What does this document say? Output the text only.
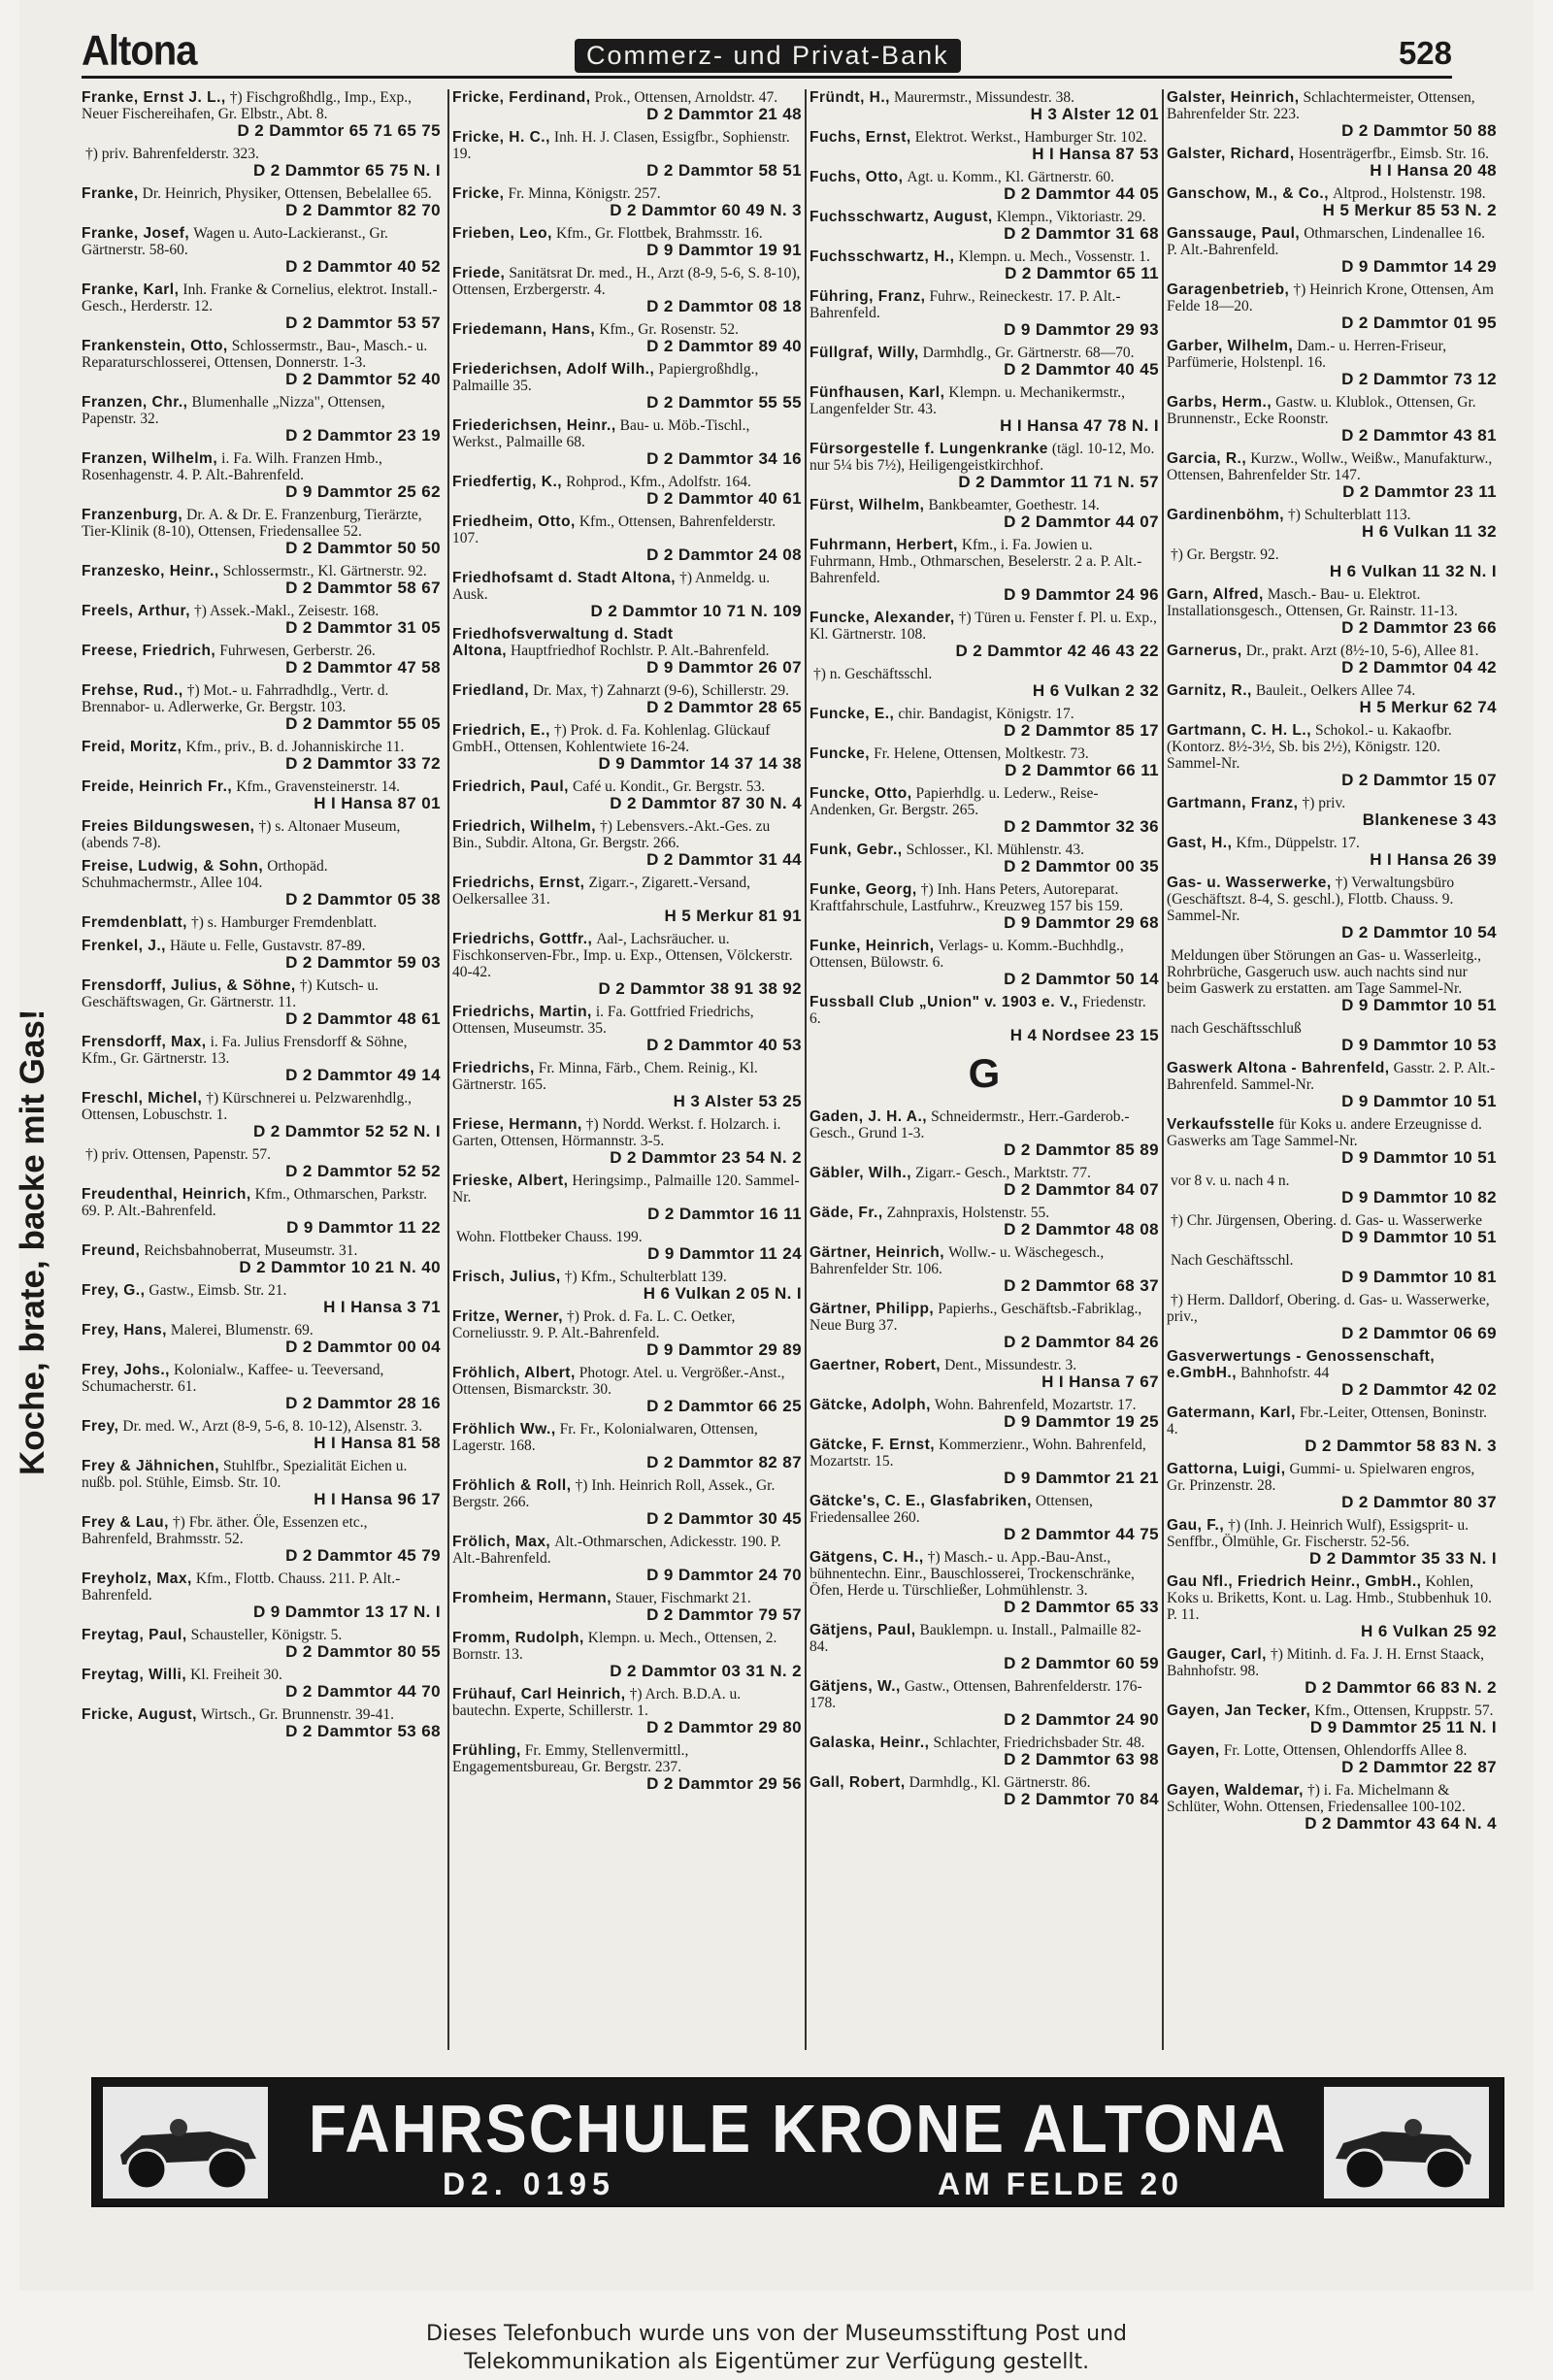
Altona	Commerz- und Privat-Bank	528
Koche, brate, backe mit Gas!
Franke, Ernst J. L., †) Fischgroßhdlg., Imp., Exp., Neuer Fischereihafen, Gr. Elbstr., Abt. 8.
D 2 Dammtor 65 71 65 75
†) priv. Bahrenfelderstr. 323.
D 2 Dammtor 65 75 N. I
Franke, Dr. Heinrich, Physiker, Ottensen, Bebelallee 65.
D 2 Dammtor 82 70
Franke, Josef, Wagen u. Auto-Lackieranst., Gr. Gärtnerstr. 58-60.
D 2 Dammtor 40 52
Franke, Karl, Inh. Franke & Cornelius, elektrot. Install.-Gesch., Herderstr. 12.
D 2 Dammtor 53 57
Frankenstein, Otto, Schlossermstr., Bau-, Masch.- u. Reparaturschlosserei, Ottensen, Donnerstr. 1-3.
D 2 Dammtor 52 40
Franzen, Chr., Blumenhalle „Nizza", Ottensen, Papenstr. 32.
D 2 Dammtor 23 19
Franzen, Wilhelm, i. Fa. Wilh. Franzen Hmb., Rosenhagenstr. 4. P. Alt.-Bahrenfeld.
D 9 Dammtor 25 62
Franzenburg, Dr. A. & Dr. E. Franzenburg, Tierärzte, Tier-Klinik (8-10), Ottensen, Friedensallee 52.
D 2 Dammtor 50 50
Franzesko, Heinr., Schlossermstr., Kl. Gärtnerstr. 92.
D 2 Dammtor 58 67
Freels, Arthur, †) Assek.-Makl., Zeisestr. 168.
D 2 Dammtor 31 05
Freese, Friedrich, Fuhrwesen, Gerberstr. 26.
D 2 Dammtor 47 58
Frehse, Rud., †) Mot.- u. Fahrradhdlg., Vertr. d. Brennabor- u. Adlerwerke, Gr. Bergstr. 103.
D 2 Dammtor 55 05
Freid, Moritz, Kfm., priv., B. d. Johanniskirche 11.
D 2 Dammtor 33 72
Freide, Heinrich Fr., Kfm., Gravensteinerstr. 14.
H I Hansa 87 01
Freies Bildungswesen, †) s. Altonaer Museum, (abends 7-8).
Freise, Ludwig, & Sohn, Orthopäd. Schuhmachermstr., Allee 104.
D 2 Dammtor 05 38
Fremdenblatt, †) s. Hamburger Fremdenblatt.
Frenkel, J., Häute u. Felle, Gustavstr. 87-89.
D 2 Dammtor 59 03
Frensdorff, Julius, & Söhne, †) Kutsch- u. Geschäftswagen, Gr. Gärtnerstr. 11.
D 2 Dammtor 48 61
Frensdorff, Max, i. Fa. Julius Frensdorff & Söhne, Kfm., Gr. Gärtnerstr. 13.
D 2 Dammtor 49 14
Freschl, Michel, †) Kürschnerei u. Pelzwarenhdlg., Ottensen, Lobuschstr. 1.
D 2 Dammtor 52 52 N. I
†) priv. Ottensen, Papenstr. 57.
D 2 Dammtor 52 52
Freudenthal, Heinrich, Kfm., Othmarschen, Parkstr. 69. P. Alt.-Bahrenfeld.
D 9 Dammtor 11 22
Freund, Reichsbahnoberrat, Museumstr. 31.
D 2 Dammtor 10 21 N. 40
Frey, G., Gastw., Eimsb. Str. 21.
H I Hansa 3 71
Frey, Hans, Malerei, Blumenstr. 69.
D 2 Dammtor 00 04
Frey, Johs., Kolonialw., Kaffee- u. Teeversand, Schumacherstr. 61.
D 2 Dammtor 28 16
Frey, Dr. med. W., Arzt (8-9, 5-6, 8. 10-12), Alsenstr. 3.
H I Hansa 81 58
Frey & Jähnichen, Stuhlfbr., Spezialität Eichen u. nußb. pol. Stühle, Eimsb. Str. 10.
H I Hansa 96 17
Frey & Lau, †) Fbr. äther. Öle, Essenzen etc., Bahrenfeld, Brahmsstr. 52.
D 2 Dammtor 45 79
Freyholz, Max, Kfm., Flottb. Chauss. 211. P. Alt.-Bahrenfeld.
D 9 Dammtor 13 17 N. I
Freytag, Paul, Schausteller, Königstr. 5.
D 2 Dammtor 80 55
Freytag, Willi, Kl. Freiheit 30.
D 2 Dammtor 44 70
Fricke, August, Wirtsch., Gr. Brunnenstr. 39-41.
D 2 Dammtor 53 68
Fricke, Ferdinand, Prok., Ottensen, Arnoldstr. 47.
D 2 Dammtor 21 48
Fricke, H. C., Inh. H. J. Clasen, Essigfbr., Sophienstr. 19.
D 2 Dammtor 58 51
Fricke, Fr. Minna, Königstr. 257.
D 2 Dammtor 60 49 N. 3
Frieben, Leo, Kfm., Gr. Flottbek, Brahmsstr. 16.
D 9 Dammtor 19 91
Friede, Sanitätsrat Dr. med., H., Arzt (8-9, 5-6, S. 8-10), Ottensen, Erzbergerstr. 4.
D 2 Dammtor 08 18
Friedemann, Hans, Kfm., Gr. Rosenstr. 52.
D 2 Dammtor 89 40
Friederichsen, Adolf Wilh., Papiergroßhdlg., Palmaille 35.
D 2 Dammtor 55 55
Friederichsen, Heinr., Bau- u. Möb.-Tischl., Werkst., Palmaille 68.
D 2 Dammtor 34 16
Friedfertig, K., Rohprod., Kfm., Adolfstr. 164.
D 2 Dammtor 40 61
Friedheim, Otto, Kfm., Ottensen, Bahrenfelderstr. 107.
D 2 Dammtor 24 08
Friedhofsamt d. Stadt Altona, †) Anmeldg. u. Ausk.
D 2 Dammtor 10 71 N. 109
Friedhofsverwaltung d. Stadt Altona, Hauptfriedhof Rochlstr. P. Alt.-Bahrenfeld.
D 9 Dammtor 26 07
Friedland, Dr. Max, †) Zahnarzt (9-6), Schillerstr. 29.
D 2 Dammtor 28 65
Friedrich, E., †) Prok. d. Fa. Kohlenlag. Glückauf GmbH., Ottensen, Kohlentwiete 16-24.
D 9 Dammtor 14 37 14 38
Friedrich, Paul, Café u. Kondit., Gr. Bergstr. 53.
D 2 Dammtor 87 30 N. 4
Friedrich, Wilhelm, †) Lebensvers.-Akt.-Ges. zu Bin., Subdir. Altona, Gr. Bergstr. 266.
D 2 Dammtor 31 44
Friedrichs, Ernst, Zigarr.-, Zigarett.-Versand, Oelkersallee 31.
H 5 Merkur 81 91
Friedrichs, Gottfr., Aal-, Lachsräucher. u. Fischkonserven-Fbr., Imp. u. Exp., Ottensen, Völckerstr. 40-42.
D 2 Dammtor 38 91 38 92
Friedrichs, Martin, i. Fa. Gottfried Friedrichs, Ottensen, Museumstr. 35.
D 2 Dammtor 40 53
Friedrichs, Fr. Minna, Färb., Chem. Reinig., Kl. Gärtnerstr. 165.
H 3 Alster 53 25
Friese, Hermann, †) Nordd. Werkst. f. Holzarch. i. Garten, Ottensen, Hörmannstr. 3-5.
D 2 Dammtor 23 54 N. 2
Frieske, Albert, Heringsimp., Palmaille 120. Sammel-Nr.
D 2 Dammtor 16 11
Wohn. Flottbeker Chauss. 199.
D 9 Dammtor 11 24
Frisch, Julius, †) Kfm., Schulterblatt 139.
H 6 Vulkan 2 05 N. I
Fritze, Werner, †) Prok. d. Fa. L. C. Oetker, Corneliusstr. 9. P. Alt.-Bahrenfeld.
D 9 Dammtor 29 89
Fröhlich, Albert, Photogr. Atel. u. Vergrößer.-Anst., Ottensen, Bismarckstr. 30.
D 2 Dammtor 66 25
Fröhlich Ww., Fr. Fr., Kolonialwaren, Ottensen, Lagerstr. 168.
D 2 Dammtor 82 87
Fröhlich & Roll, †) Inh. Heinrich Roll, Assek., Gr. Bergstr. 266.
D 2 Dammtor 30 45
Frölich, Max, Alt.-Othmarschen, Adickesstr. 190. P. Alt.-Bahrenfeld.
D 9 Dammtor 24 70
Fromheim, Hermann, Stauer, Fischmarkt 21.
D 2 Dammtor 79 57
Fromm, Rudolph, Klempn. u. Mech., Ottensen, 2. Bornstr. 13.
D 2 Dammtor 03 31 N. 2
Frühauf, Carl Heinrich, †) Arch. B.D.A. u. bautechn. Experte, Schillerstr. 1.
D 2 Dammtor 29 80
Frühling, Fr. Emmy, Stellenvermittl., Engagementsbureau, Gr. Bergstr. 237.
D 2 Dammtor 29 56
Fründt, H., Maurermstr., Missundestr. 38.
H 3 Alster 12 01
Fuchs, Ernst, Elektrot. Werkst., Hamburger Str. 102.
H I Hansa 87 53
Fuchs, Otto, Agt. u. Komm., Kl. Gärtnerstr. 60.
D 2 Dammtor 44 05
Fuchsschwartz, August, Klempn., Viktoriastr. 29.
D 2 Dammtor 31 68
Fuchsschwartz, H., Klempn. u. Mech., Vossenstr. 1.
D 2 Dammtor 65 11
Führing, Franz, Fuhrw., Reineckestr. 17. P. Alt.-Bahrenfeld.
D 9 Dammtor 29 93
Füllgraf, Willy, Darmhdlg., Gr. Gärtnerstr. 68—70.
D 2 Dammtor 40 45
Fünfhausen, Karl, Klempn. u. Mechanikermstr., Langenfelder Str. 43.
H I Hansa 47 78 N. I
Fürsorgestelle f. Lungenkranke (tägl. 10-12, Mo. nur 5¼ bis 7½), Heiligengeistkirchhof.
D 2 Dammtor 11 71 N. 57
Fürst, Wilhelm, Bankbeamter, Goethestr. 14.
D 2 Dammtor 44 07
Fuhrmann, Herbert, Kfm., i. Fa. Jowien u. Fuhrmann, Hmb., Othmarschen, Beselerstr. 2 a. P. Alt.-Bahrenfeld.
D 9 Dammtor 24 96
Funcke, Alexander, †) Türen u. Fenster f. Pl. u. Exp., Kl. Gärtnerstr. 108.
D 2 Dammtor 42 46 43 22
†) n. Geschäftsschl.
H 6 Vulkan 2 32
Funcke, E., chir. Bandagist, Königstr. 17.
D 2 Dammtor 85 17
Funcke, Fr. Helene, Ottensen, Moltkestr. 73.
D 2 Dammtor 66 11
Funcke, Otto, Papierhdlg. u. Lederw., Reise-Andenken, Gr. Bergstr. 265.
D 2 Dammtor 32 36
Funk, Gebr., Schlosser., Kl. Mühlenstr. 43.
D 2 Dammtor 00 35
Funke, Georg, †) Inh. Hans Peters, Autoreparat. Kraftfahrschule, Lastfuhrw., Kreuzweg 157 bis 159.
D 9 Dammtor 29 68
Funke, Heinrich, Verlags- u. Komm.-Buchhdlg., Ottensen, Bülowstr. 6.
D 2 Dammtor 50 14
Fussball Club „Union" v. 1903 e. V., Friedenstr. 6.
H 4 Nordsee 23 15
G
Gaden, J. H. A., Schneidermstr., Herr.-Garderob.-Gesch., Grund 1-3.
D 2 Dammtor 85 89
Gäbler, Wilh., Zigarr.- Gesch., Marktstr. 77.
D 2 Dammtor 84 07
Gäde, Fr., Zahnpraxis, Holstenstr. 55.
D 2 Dammtor 48 08
Gärtner, Heinrich, Wollw.- u. Wäschegesch., Bahrenfelder Str. 106.
D 2 Dammtor 68 37
Gärtner, Philipp, Papierhs., Geschäftsb.-Fabriklag., Neue Burg 37.
D 2 Dammtor 84 26
Gaertner, Robert, Dent., Missundestr. 3.
H I Hansa 7 67
Gätcke, Adolph, Wohn. Bahrenfeld, Mozartstr. 17.
D 9 Dammtor 19 25
Gätcke, F. Ernst, Kommerzienr., Wohn. Bahrenfeld, Mozartstr. 15.
D 9 Dammtor 21 21
Gätcke's, C. E., Glasfabriken, Ottensen, Friedensallee 260.
D 2 Dammtor 44 75
Gätgens, C. H., †) Masch.- u. App.-Bau-Anst., bühnentechn. Einr., Bauschlosserei, Trockenschränke, Öfen, Herde u. Türschließer, Lohmühlenstr. 3.
D 2 Dammtor 65 33
Gätjens, Paul, Bauklempn. u. Install., Palmaille 82-84.
D 2 Dammtor 60 59
Gätjens, W., Gastw., Ottensen, Bahrenfelderstr. 176-178.
D 2 Dammtor 24 90
Galaska, Heinr., Schlachter, Friedrichsbader Str. 48.
D 2 Dammtor 63 98
Gall, Robert, Darmhdlg., Kl. Gärtnerstr. 86.
D 2 Dammtor 70 84
Galster, Heinrich, Schlachtermeister, Ottensen, Bahrenfelder Str. 223.
D 2 Dammtor 50 88
Galster, Richard, Hosenträgerfbr., Eimsb. Str. 16.
H I Hansa 20 48
Ganschow, M., & Co., Altprod., Holstenstr. 198.
H 5 Merkur 85 53 N. 2
Ganssauge, Paul, Othmarschen, Lindenallee 16. P. Alt.-Bahrenfeld.
D 9 Dammtor 14 29
Garagenbetrieb, †) Heinrich Krone, Ottensen, Am Felde 18—20.
D 2 Dammtor 01 95
Garber, Wilhelm, Dam.- u. Herren-Friseur, Parfümerie, Holstenpl. 16.
D 2 Dammtor 73 12
Garbs, Herm., Gastw. u. Klublok., Ottensen, Gr. Brunnenstr., Ecke Roonstr.
D 2 Dammtor 43 81
Garcia, R., Kurzw., Wollw., Weißw., Manufakturw., Ottensen, Bahrenfelder Str. 147.
D 2 Dammtor 23 11
Gardinenböhm, †) Schulterblatt 113.
H 6 Vulkan 11 32
†) Gr. Bergstr. 92.
H 6 Vulkan 11 32 N. I
Garn, Alfred, Masch.- Bau- u. Elektrot. Installationsgesch., Ottensen, Gr. Rainstr. 11-13.
D 2 Dammtor 23 66
Garnerus, Dr., prakt. Arzt (8½-10, 5-6), Allee 81.
D 2 Dammtor 04 42
Garnitz, R., Bauleit., Oelkers Allee 74.
H 5 Merkur 62 74
Gartmann, C. H. L., Schokol.- u. Kakaofbr. (Kontorz. 8½-3½, Sb. bis 2½), Königstr. 120. Sammel-Nr.
D 2 Dammtor 15 07
Gartmann, Franz, †) priv.
Blankenese 3 43
Gast, H., Kfm., Düppelstr. 17.
H I Hansa 26 39
Gas- u. Wasserwerke, †) Verwaltungsbüro (Geschäftszt. 8-4, S. geschl.), Flottb. Chauss. 9. Sammel-Nr.
D 2 Dammtor 10 54
Meldungen über Störungen an Gas- u. Wasserleitg., Rohrbrüche, Gasgeruch usw. auch nachts sind nur beim Gaswerk zu erstatten. am Tage Sammel-Nr.
D 9 Dammtor 10 51
nach Geschäftsschluß
D 9 Dammtor 10 53
Gaswerk Altona - Bahrenfeld, Gasstr. 2. P. Alt.-Bahrenfeld. Sammel-Nr.
D 9 Dammtor 10 51
Verkaufsstelle für Koks u. andere Erzeugnisse d. Gaswerks am Tage Sammel-Nr.
D 9 Dammtor 10 51
vor 8 v. u. nach 4 n.
D 9 Dammtor 10 82
†) Chr. Jürgensen, Obering. d. Gas- u. Wasserwerke
D 9 Dammtor 10 51
Nach Geschäftsschl.
D 9 Dammtor 10 81
†) Herm. Dalldorf, Obering. d. Gas- u. Wasserwerke, priv.,
D 2 Dammtor 06 69
Gasverwertungs - Genossenschaft, e.GmbH., Bahnhofstr. 44
D 2 Dammtor 42 02
Gatermann, Karl, Fbr.-Leiter, Ottensen, Boninstr. 4.
D 2 Dammtor 58 83 N. 3
Gattorna, Luigi, Gummi- u. Spielwaren engros, Gr. Prinzenstr. 28.
D 2 Dammtor 80 37
Gau, F., †) (Inh. J. Heinrich Wulf), Essigsprit- u. Senffbr., Ölmühle, Gr. Fischerstr. 52-56.
D 2 Dammtor 35 33 N. I
Gau Nfl., Friedrich Heinr., GmbH., Kohlen, Koks u. Briketts, Kont. u. Lag. Hmb., Stubbenhuk 10. P. 11.
H 6 Vulkan 25 92
Gauger, Carl, †) Mitinh. d. Fa. J. H. Ernst Staack, Bahnhofstr. 98.
D 2 Dammtor 66 83 N. 2
Gayen, Jan Tecker, Kfm., Ottensen, Kruppstr. 57.
D 9 Dammtor 25 11 N. I
Gayen, Fr. Lotte, Ottensen, Ohlendorffs Allee 8.
D 2 Dammtor 22 87
Gayen, Waldemar, †) i. Fa. Michelmann & Schlüter, Wohn. Ottensen, Friedensallee 100-102.
D 2 Dammtor 43 64 N. 4
FAHRSCHULE KRONE ALTONA
D2. 0195	AM FELDE 20
Dieses Telefonbuch wurde uns von der Museumsstiftung Post und
Telekommunikation als Eigentümer zur Verfügung gestellt.
